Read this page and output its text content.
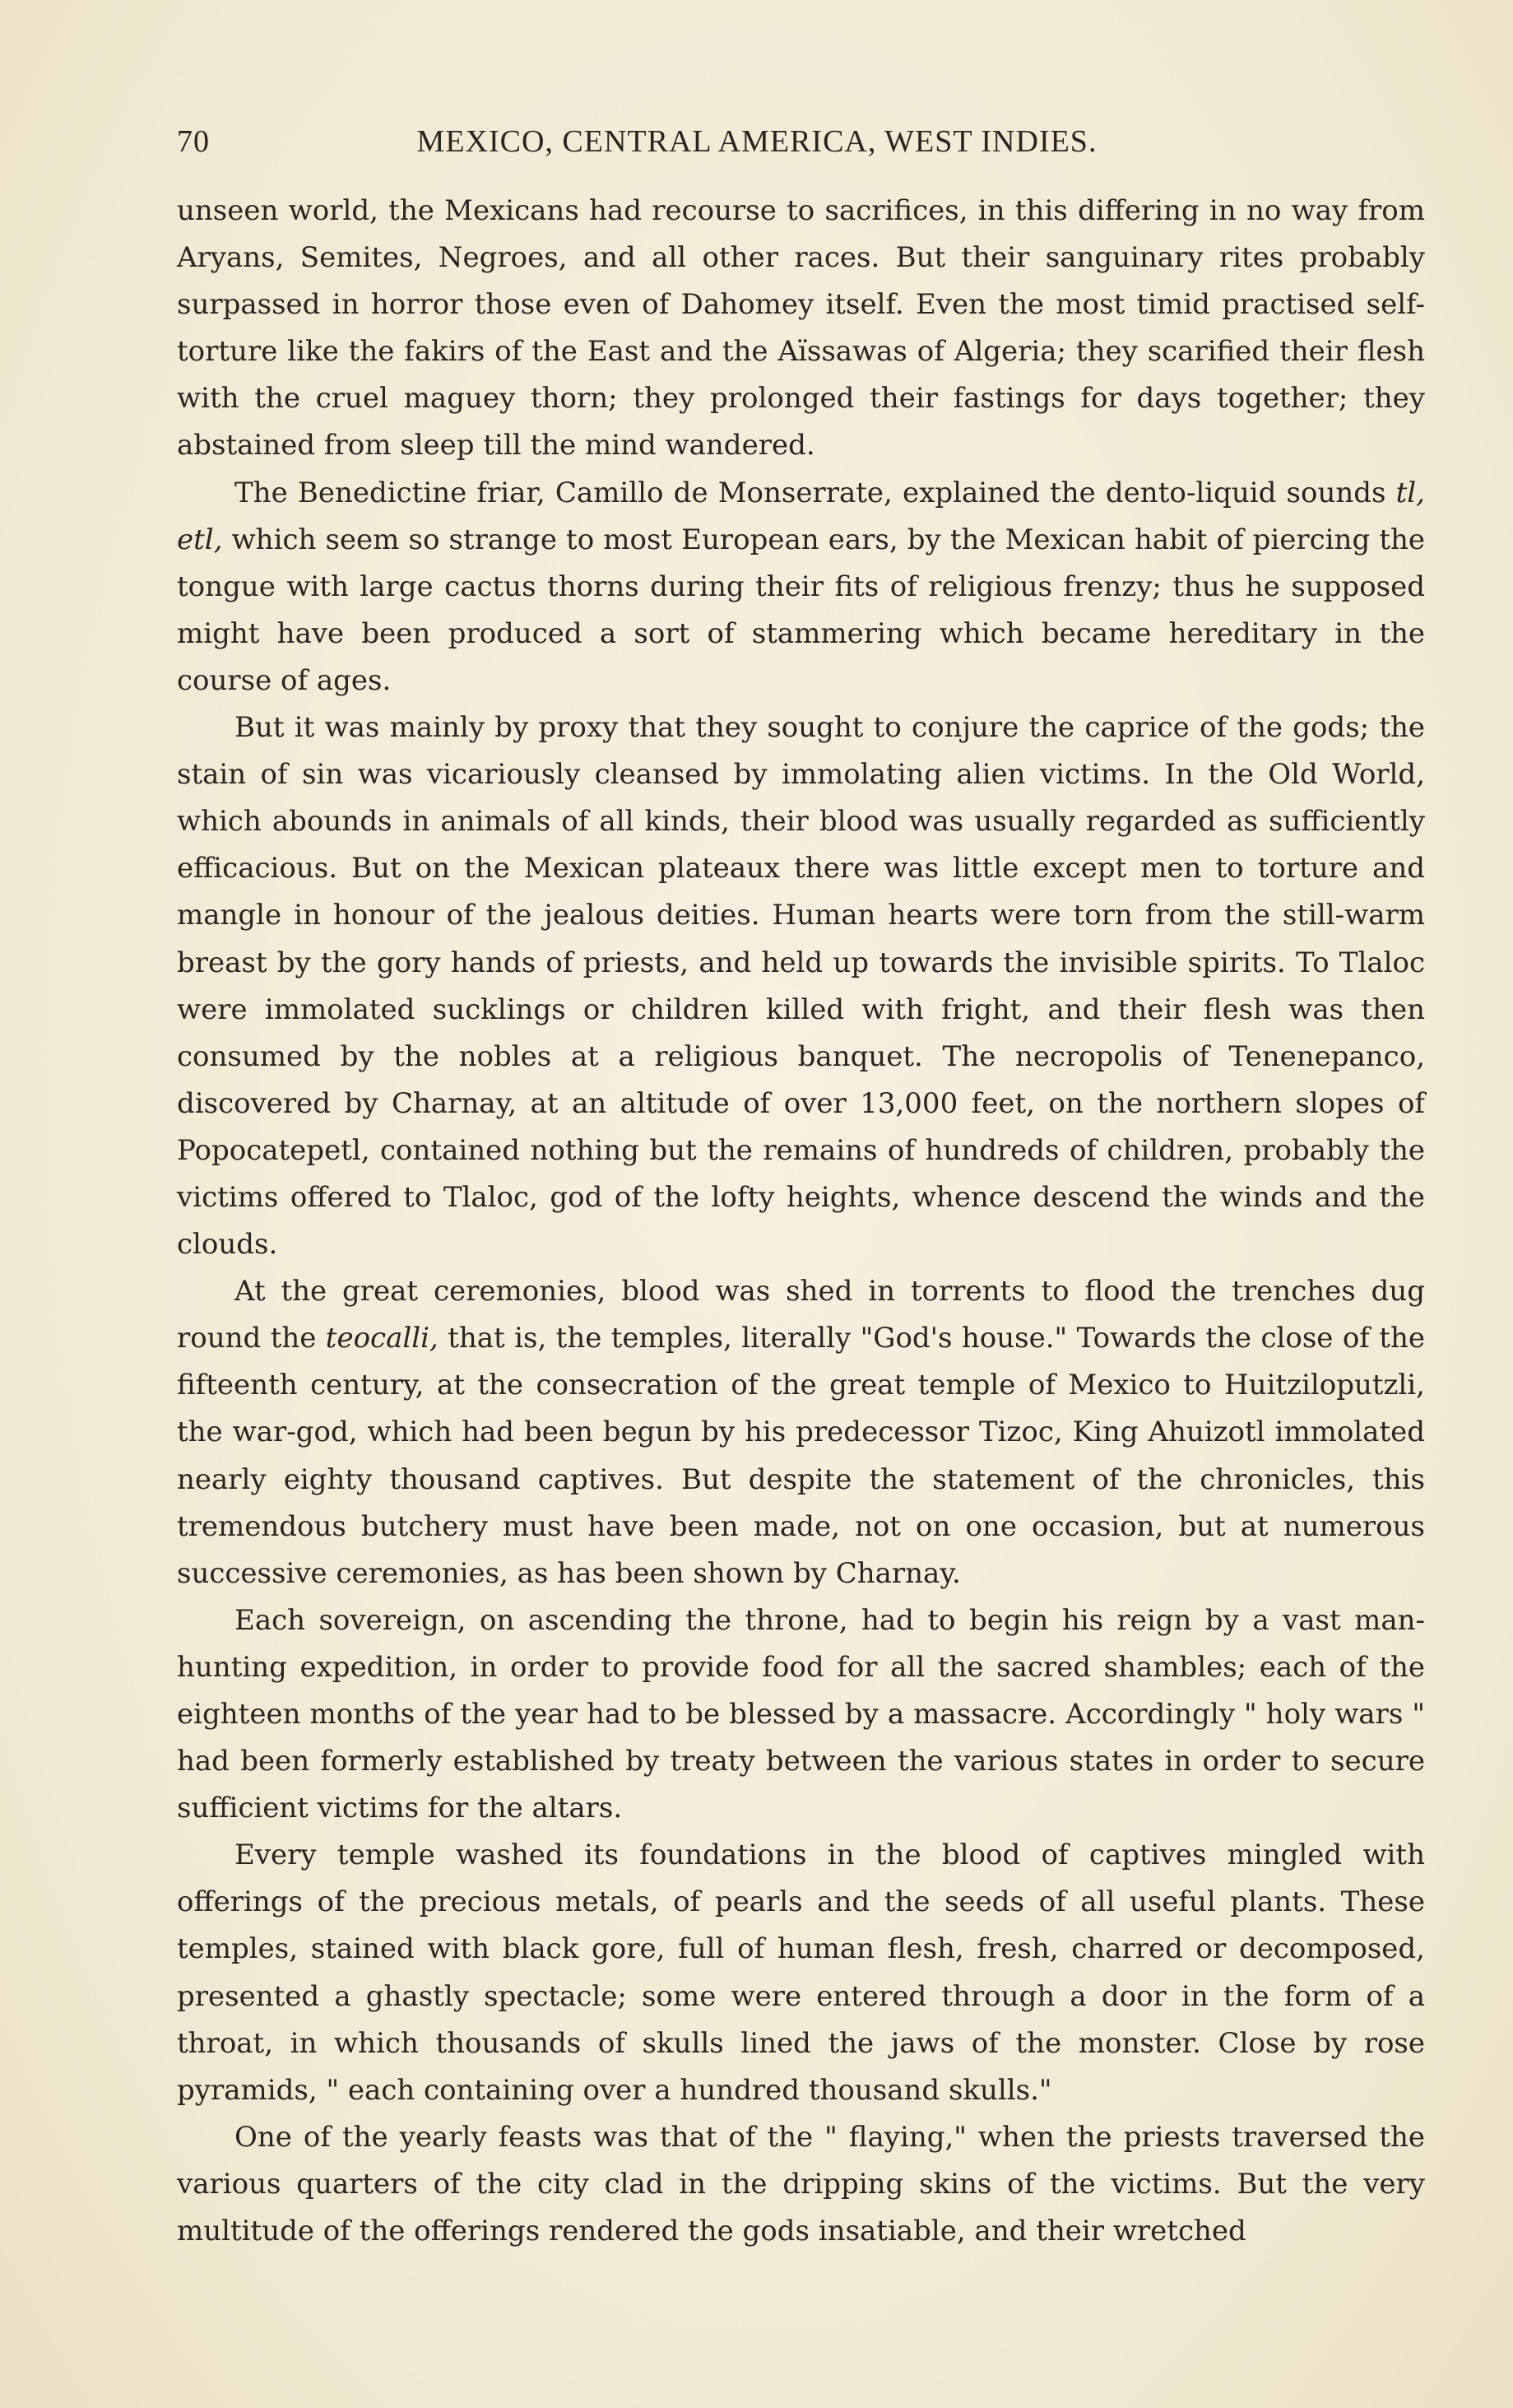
70	MEXICO, CENTRAL AMERICA, WEST INDIES.

unseen world, the Mexicans had recourse to sacrifices, in this differing in no way from Aryans, Semites, Negroes, and all other races. But their sanguinary rites probably surpassed in horror those even of Dahomey itself. Even the most timid practised self-torture like the fakirs of the East and the Aïssawas of Algeria; they scarified their flesh with the cruel maguey thorn; they prolonged their fastings for days together; they abstained from sleep till the mind wandered.

The Benedictine friar, Camillo de Monserrate, explained the dento-liquid sounds tl, etl, which seem so strange to most European ears, by the Mexican habit of piercing the tongue with large cactus thorns during their fits of religious frenzy; thus he supposed might have been produced a sort of stammering which became hereditary in the course of ages.

But it was mainly by proxy that they sought to conjure the caprice of the gods; the stain of sin was vicariously cleansed by immolating alien victims. In the Old World, which abounds in animals of all kinds, their blood was usually regarded as sufficiently efficacious. But on the Mexican plateaux there was little except men to torture and mangle in honour of the jealous deities. Human hearts were torn from the still-warm breast by the gory hands of priests, and held up towards the invisible spirits. To Tlaloc were immolated sucklings or children killed with fright, and their flesh was then consumed by the nobles at a religious banquet. The necropolis of Tenenepanco, discovered by Charnay, at an altitude of over 13,000 feet, on the northern slopes of Popocatepetl, contained nothing but the remains of hundreds of children, probably the victims offered to Tlaloc, god of the lofty heights, whence descend the winds and the clouds.

At the great ceremonies, blood was shed in torrents to flood the trenches dug round the teocalli, that is, the temples, literally "God's house." Towards the close of the fifteenth century, at the consecration of the great temple of Mexico to Huitziloputzli, the war-god, which had been begun by his predecessor Tizoc, King Ahuizotl immolated nearly eighty thousand captives. But despite the statement of the chronicles, this tremendous butchery must have been made, not on one occasion, but at numerous successive ceremonies, as has been shown by Charnay.

Each sovereign, on ascending the throne, had to begin his reign by a vast man-hunting expedition, in order to provide food for all the sacred shambles; each of the eighteen months of the year had to be blessed by a massacre. Accordingly " holy wars " had been formerly established by treaty between the various states in order to secure sufficient victims for the altars.

Every temple washed its foundations in the blood of captives mingled with offerings of the precious metals, of pearls and the seeds of all useful plants. These temples, stained with black gore, full of human flesh, fresh, charred or decomposed, presented a ghastly spectacle; some were entered through a door in the form of a throat, in which thousands of skulls lined the jaws of the monster. Close by rose pyramids, " each containing over a hundred thousand skulls."

One of the yearly feasts was that of the " flaying," when the priests traversed the various quarters of the city clad in the dripping skins of the victims. But the very multitude of the offerings rendered the gods insatiable, and their wretched
